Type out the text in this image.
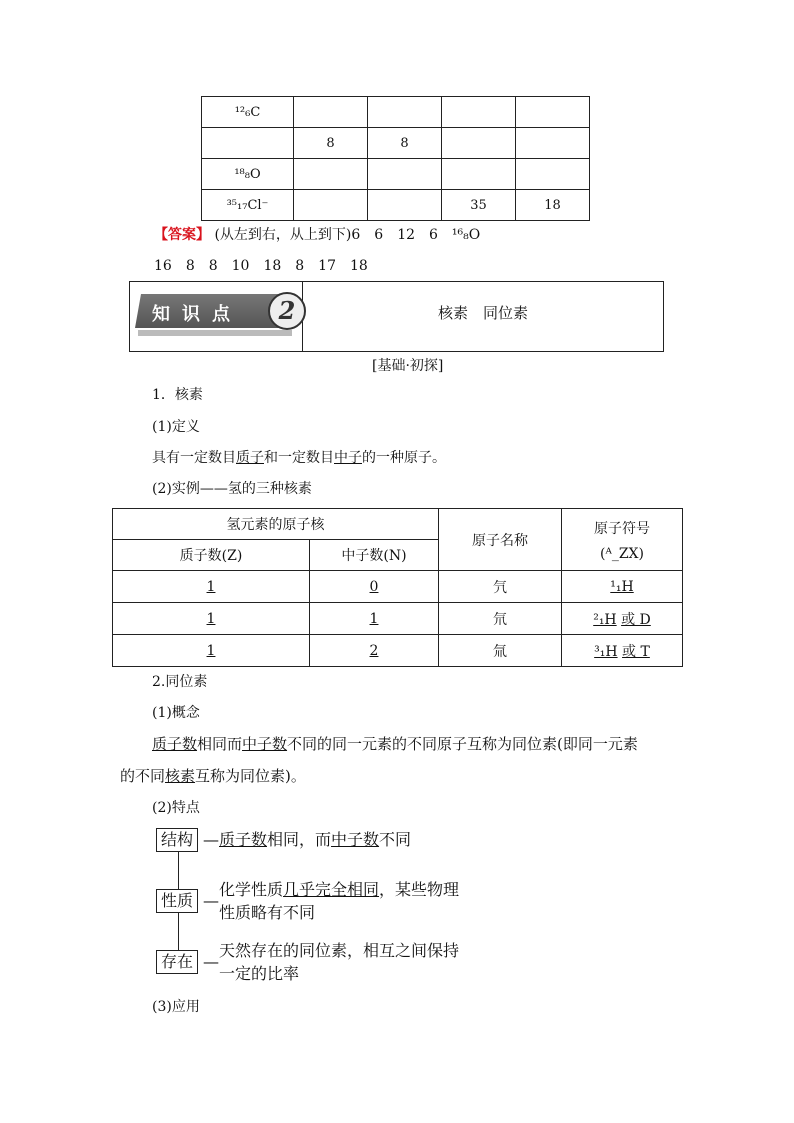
¹²₆C				
	8	8		
¹⁸₈O				
³⁵₁₇Cl⁻			35	18
【答案】 (从左到右，从上到下)6　6　12　6　¹⁶₈O
16　8　8　10　18　8　17　18
知识点	2	核素　同位素
[基础·初探]
1．核素
(1)定义
具有一定数目质子和一定数目中子的一种原子。
(2)实例——氢的三种核素
氢元素的原子核		原子名称	原子符号
(ᴬ_ZX)

质子数(Z)	中子数(N)		
1	0	氕	¹₁H
1	1	氘	²₁H 或 D
1	2	氚	³₁H 或 T
2.同位素
(1)概念
质子数相同而中子数不同的同一元素的不同原子互称为同位素(即同一元素
的不同核素互称为同位素)。
(2)特点
结构 —质子数相同，而中子数不同
性质 —
化学性质几乎完全相同，某些物理
性质略有不同
存在 —
天然存在的同位素，相互之间保持
一定的比率
(3)应用
